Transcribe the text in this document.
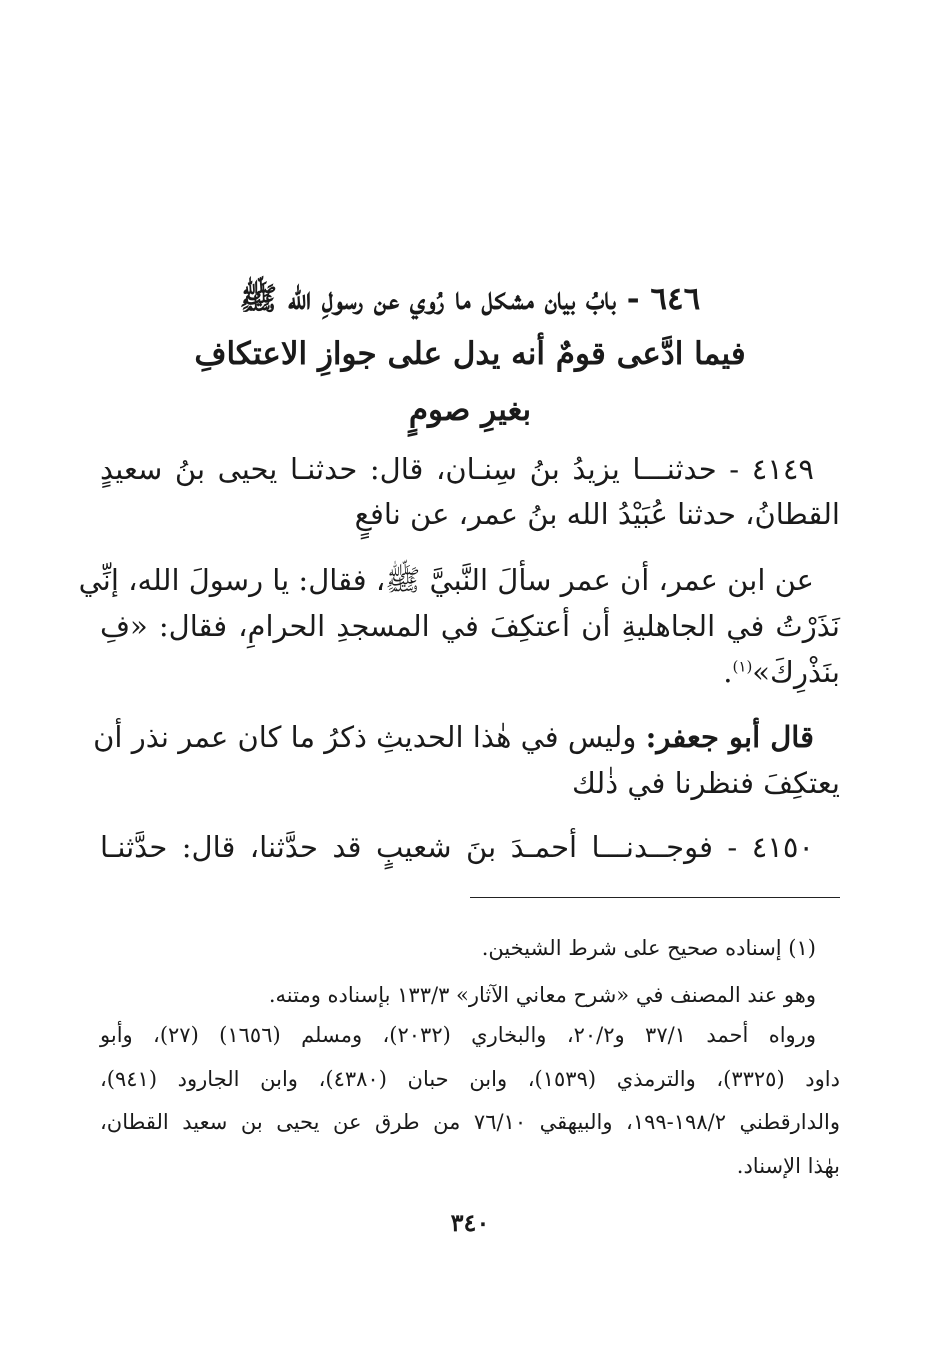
٦٤٦ - بابُ بيان مشكل ما رُوي عن رسولِ الله ﷺ
فيما ادَّعى قومٌ أنه يدل على جوازِ الاعتكافِ
بغيرِ صومٍ
٤١٤٩ - حدثنـــا يزيدُ بنُ سِنـان، قال: حدثنـا يحيى بنُ سعيدٍ
القطانُ، حدثنا عُبَيْدُ الله بنُ عمر، عن نافعٍ
عن ابن عمر، أن عمر سألَ النَّبيَّ ﷺ، فقال: يا رسولَ الله، إنِّي
نَذَرْتُ في الجاهليةِ أن أعتكِفَ في المسجدِ الحرامِ، فقال: «فِ
بنَذْرِكَ»$^{(١)}$.
قال أبو جعفر: وليس في هٰذا الحديثِ ذكرُ ما كان عمر نذر أن
يعتكِفَ فنظرنا في ذٰلك
٤١٥٠ - فوجــدنـــا أحمـدَ بنَ شعيبٍ قد حدَّثنا، قال: حدَّثنـا
(١) إسناده صحيح على شرط الشيخين.
وهو عند المصنف في «شرح معاني الآثار» ١٣٣/٣ بإسناده ومتنه.
ورواه أحمد ٣٧/١ و٢٠/٢، والبخاري (٢٠٣٢)، ومسلم (١٦٥٦) (٢٧)، وأبو
داود (٣٣٢٥)، والترمذي (١٥٣٩)، وابن حبان (٤٣٨٠)، وابن الجارود (٩٤١)،
والدارقطني ١٩٨/٢-١٩٩، والبيهقي ٧٦/١٠ من طرق عن يحيى بن سعيد القطان،
بهٰذا الإسناد.
٣٤٠
